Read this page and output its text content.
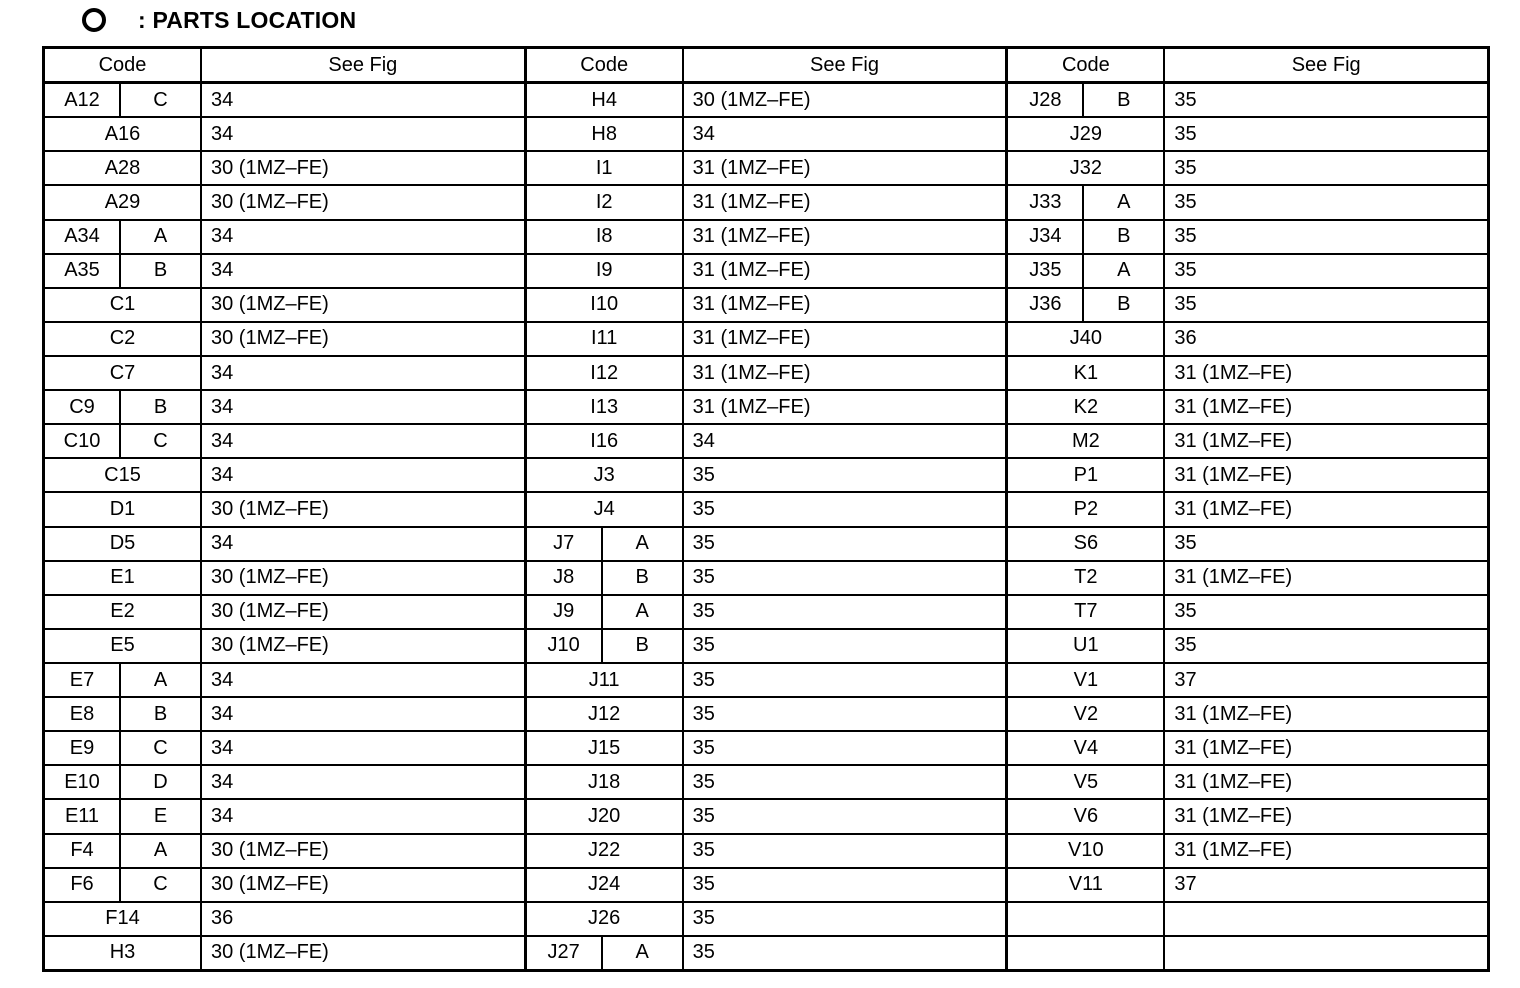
: PARTS LOCATION
Code	See Fig
A12	C	34
A16	34
A28	30 (1MZ–FE)
A29	30 (1MZ–FE)
A34	A	34
A35	B	34
C1	30 (1MZ–FE)
C2	30 (1MZ–FE)
C7	34
C9	B	34
C10	C	34
C15	34
D1	30 (1MZ–FE)
D5	34
E1	30 (1MZ–FE)
E2	30 (1MZ–FE)
E5	30 (1MZ–FE)
E7	A	34
E8	B	34
E9	C	34
E10	D	34
E11	E	34
F4	A	30 (1MZ–FE)
F6	C	30 (1MZ–FE)
F14	36
H3	30 (1MZ–FE)
Code	See Fig
H4	30 (1MZ–FE)
H8	34
I1	31 (1MZ–FE)
I2	31 (1MZ–FE)
I8	31 (1MZ–FE)
I9	31 (1MZ–FE)
I10	31 (1MZ–FE)
I11	31 (1MZ–FE)
I12	31 (1MZ–FE)
I13	31 (1MZ–FE)
I16	34
J3	35
J4	35
J7	A	35
J8	B	35
J9	A	35
J10	B	35
J11	35
J12	35
J15	35
J18	35
J20	35
J22	35
J24	35
J26	35
J27	A	35
Code	See Fig
J28	B	35
J29	35
J32	35
J33	A	35
J34	B	35
J35	A	35
J36	B	35
J40	36
K1	31 (1MZ–FE)
K2	31 (1MZ–FE)
M2	31 (1MZ–FE)
P1	31 (1MZ–FE)
P2	31 (1MZ–FE)
S6	35
T2	31 (1MZ–FE)
T7	35
U1	35
V1	37
V2	31 (1MZ–FE)
V4	31 (1MZ–FE)
V5	31 (1MZ–FE)
V6	31 (1MZ–FE)
V10	31 (1MZ–FE)
V11	37
